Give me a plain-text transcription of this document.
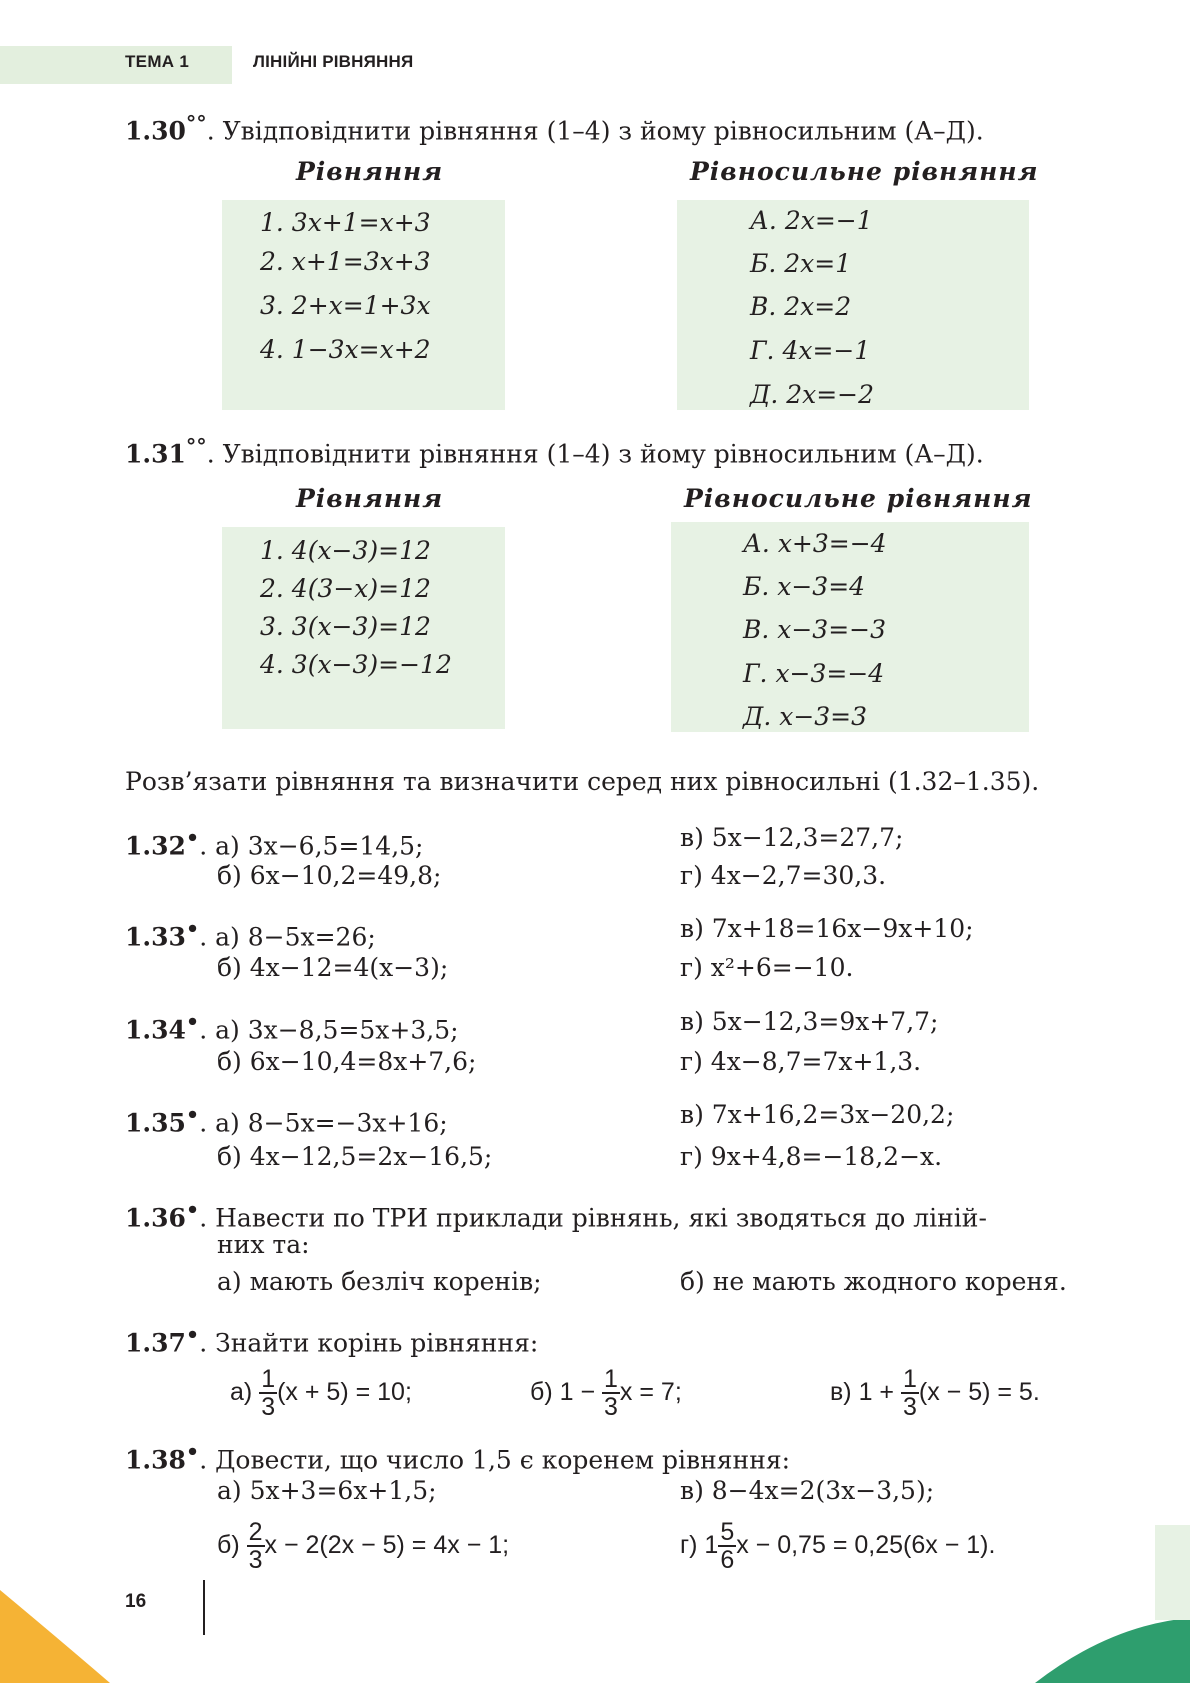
ТЕМА 1	ЛІНІЙНІ РІВНЯННЯ
1.30°°. Увідповіднити рівняння (1–4) з йому рівносильним (А–Д).
Рівняння	Рівносильне рівняння
1. 3x+1=x+3
2. x+1=3x+3
3. 2+x=1+3x
4. 1−3x=x+2
А. 2x=−1
Б. 2x=1
В. 2x=2
Г. 4x=−1
Д. 2x=−2
1.31°°. Увідповіднити рівняння (1–4) з йому рівносильним (А–Д).
Рівняння	Рівносильне рівняння
1. 4(x−3)=12
2. 4(3−x)=12
3. 3(x−3)=12
4. 3(x−3)=−12
А. x+3=−4
Б. x−3=4
В. x−3=−3
Г. x−3=−4
Д. x−3=3
Розв’язати рівняння та визначити серед них рівносильні (1.32–1.35).
1.32•. а) 3x−6,5=14,5;
б) 6x−10,2=49,8;
в) 5x−12,3=27,7;
г) 4x−2,7=30,3.
1.33•. а) 8−5x=26;
б) 4x−12=4(x−3);
в) 7x+18=16x−9x+10;
г) x²+6=−10.
1.34•. а) 3x−8,5=5x+3,5;
б) 6x−10,4=8x+7,6;
в) 5x−12,3=9x+7,7;
г) 4x−8,7=7x+1,3.
1.35•. а) 8−5x=−3x+16;
б) 4x−12,5=2x−16,5;
в) 7x+16,2=3x−20,2;
г) 9x+4,8=−18,2−x.
1.36•. Навести по ТРИ приклади рівнянь, які зводяться до ліній-
них та:
а) мають безліч коренів;	б) не мають жодного кореня.
1.37•. Знайти корінь рівняння:
$а) \frac{1}{3} (x + 5) = 10$;	б) $1 - \frac{1}{3}$ x = 7;	в) $1 + \frac{1}{3} (x - 5) = 5$.
1.38•. Довести, що число 1,5 є коренем рівняння:
а) 5x+3=6x+1,5;	в) 8−4x=2(3x−3,5);
$б) \frac{2}{3}$ x − 2(2x − 5) = 4x − 1;	г) $1 \frac{5}{6}$ x − 0,75 = 0,25(6x − 1).
16
